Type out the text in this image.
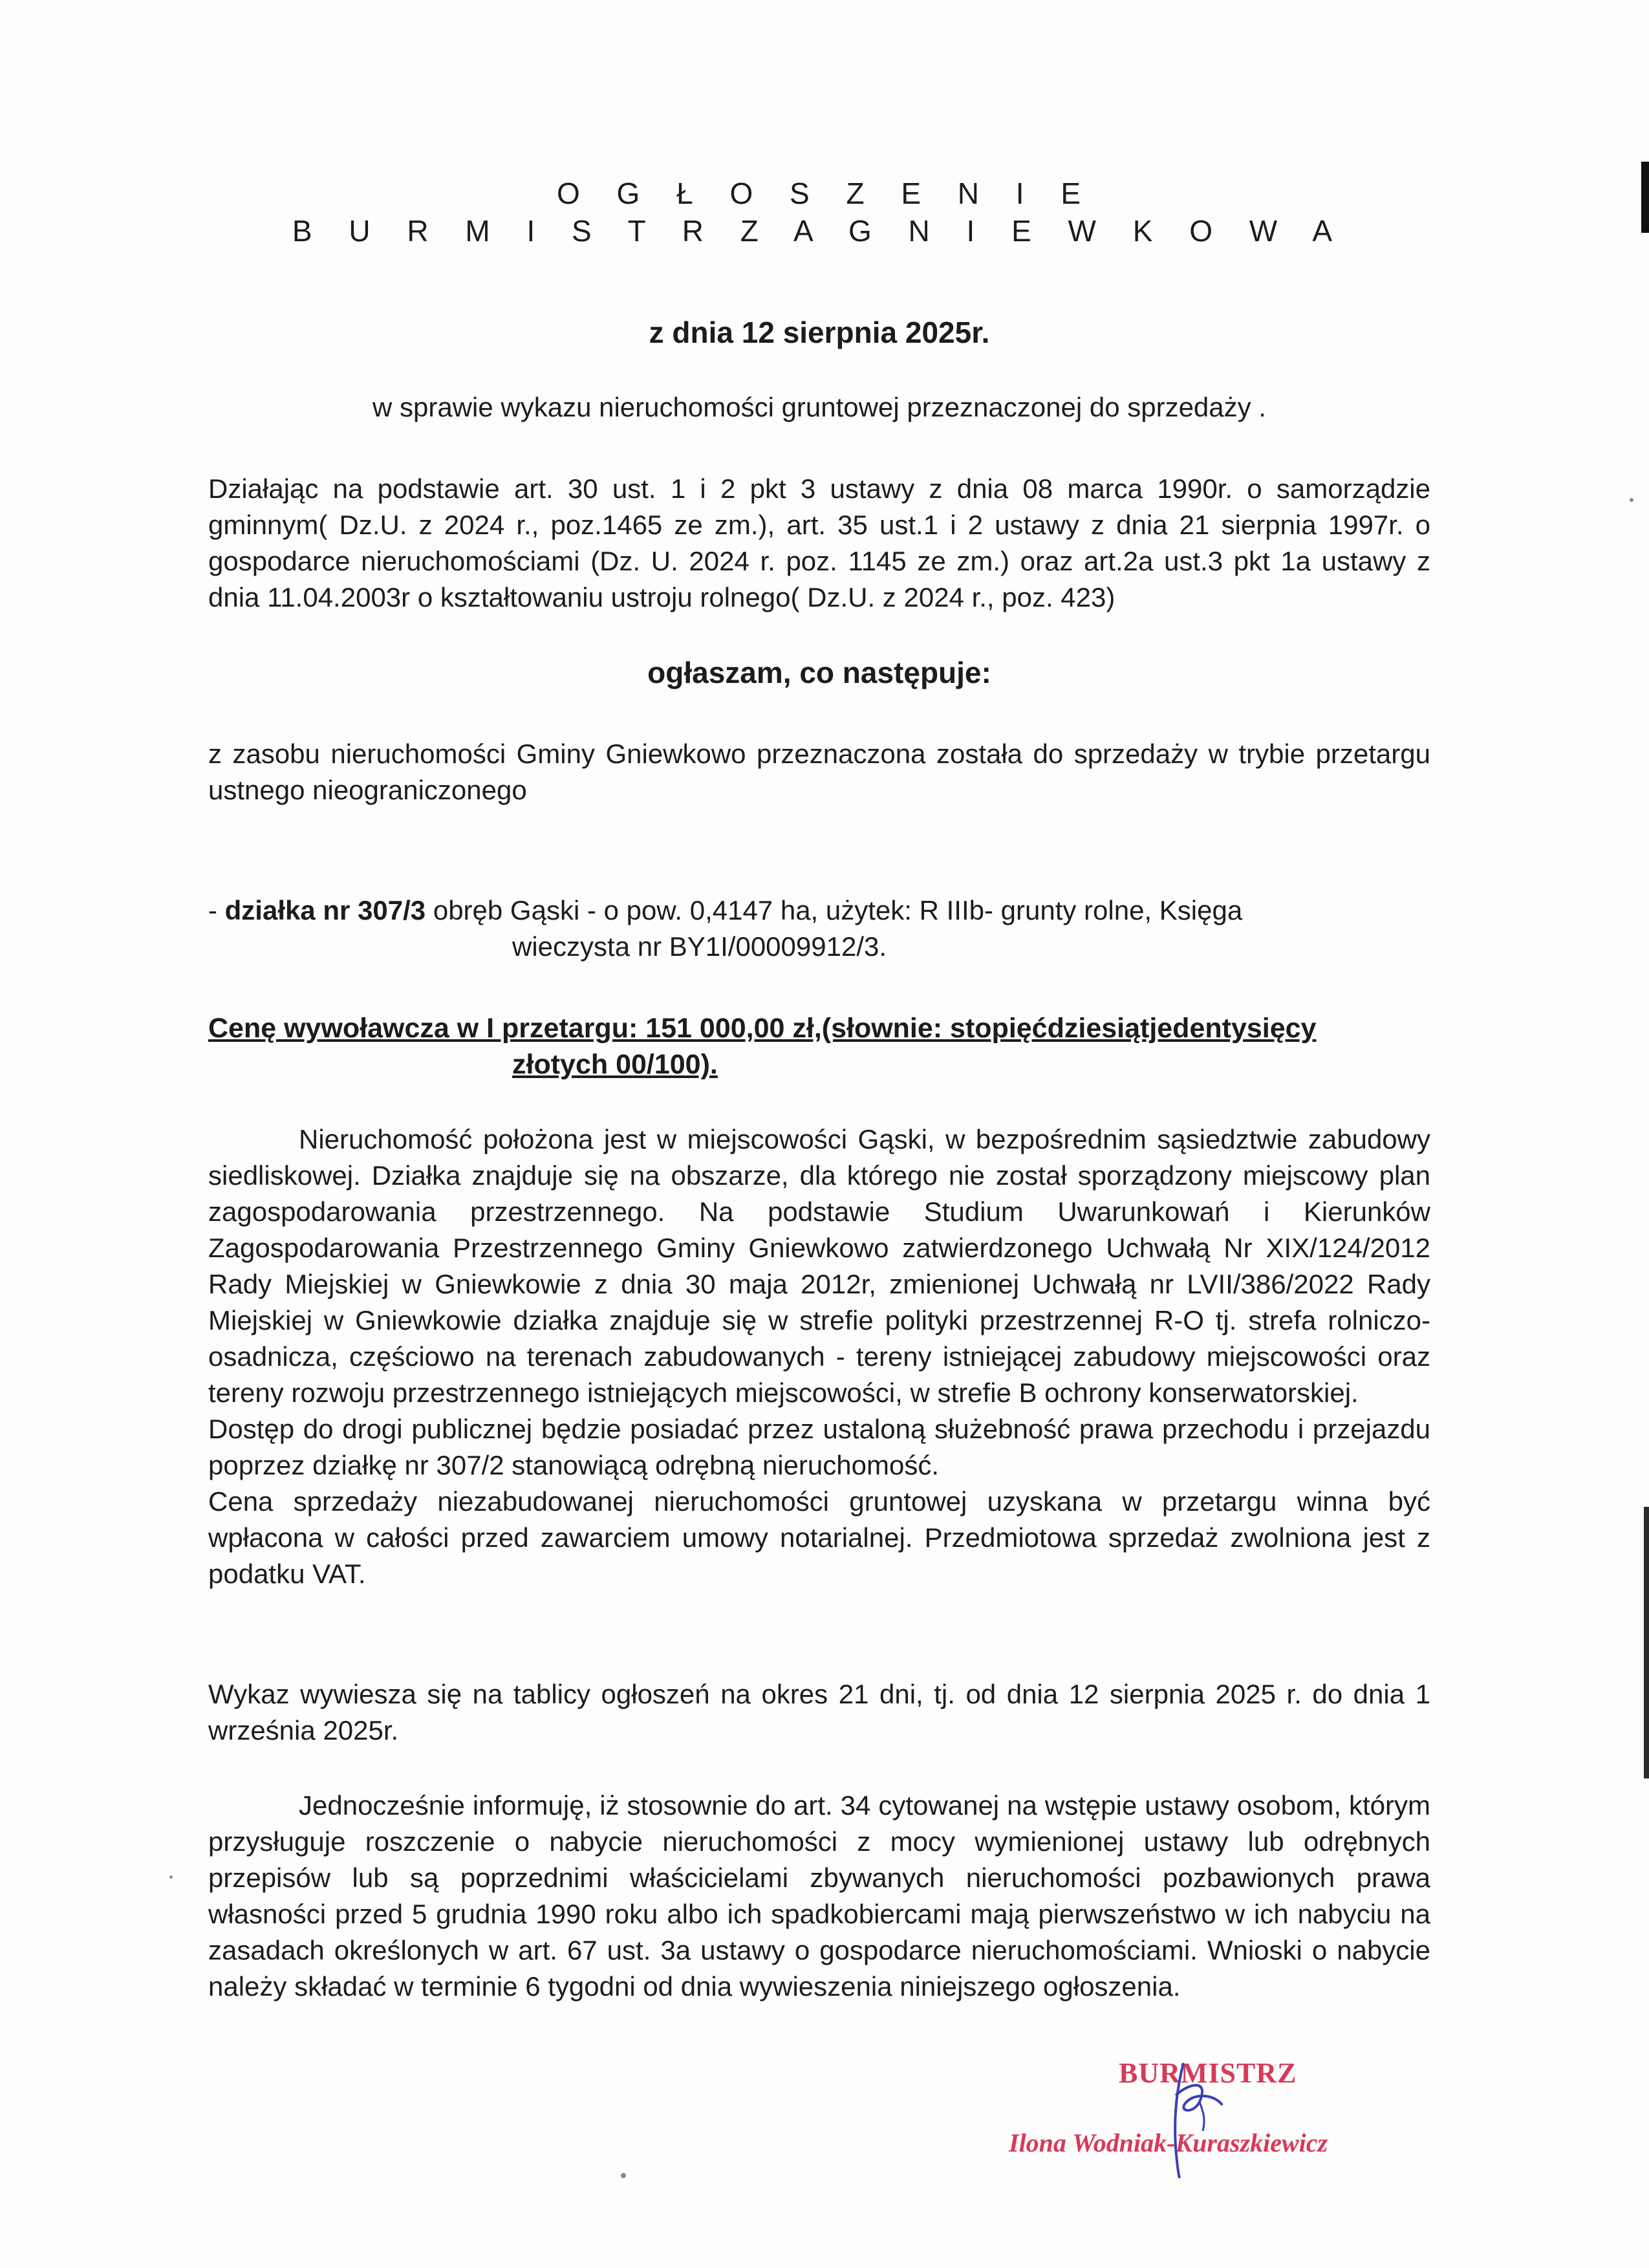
O G Ł O S Z E N I E

B U R M I S T R Z A G N I E W K O W A

z dnia 12 sierpnia 2025r.

w sprawie wykazu nieruchomości gruntowej przeznaczonej do sprzedaży .

Działając na podstawie art. 30 ust. 1 i 2 pkt 3 ustawy z dnia 08 marca 1990r. o samorządzie gminnym( Dz.U. z 2024 r., poz.1465 ze zm.), art. 35 ust.1 i 2 ustawy z dnia 21 sierpnia 1997r. o gospodarce nieruchomościami (Dz. U. 2024 r. poz. 1145 ze zm.) oraz art.2a ust.3 pkt 1a ustawy z dnia 11.04.2003r o kształtowaniu ustroju rolnego( Dz.U. z 2024 r., poz. 423)

ogłaszam, co następuje:

z zasobu nieruchomości Gminy Gniewkowo przeznaczona została do sprzedaży w trybie przetargu ustnego nieograniczonego

- działka nr 307/3 obręb Gąski - o pow. 0,4147 ha, użytek: R IIIb- grunty rolne, Księga
wieczysta nr BY1I/00009912/3.

Cenę wywoławcza w I przetargu: 151 000,00 zł,(słownie: stopięćdziesiątjedentysięcy
złotych 00/100).

Nieruchomość położona jest w miejscowości Gąski, w bezpośrednim sąsiedztwie zabudowy siedliskowej. Działka znajduje się na obszarze, dla którego nie został sporządzony miejscowy plan zagospodarowania przestrzennego. Na podstawie Studium Uwarunkowań i Kierunków Zagospodarowania Przestrzennego Gminy Gniewkowo zatwierdzonego Uchwałą Nr XIX/124/2012 Rady Miejskiej w Gniewkowie z dnia 30 maja 2012r, zmienionej Uchwałą nr LVII/386/2022 Rady Miejskiej w Gniewkowie działka znajduje się w strefie polityki przestrzennej R-O tj. strefa rolniczo-osadnicza, częściowo na terenach zabudowanych - tereny istniejącej zabudowy miejscowości oraz tereny rozwoju przestrzennego istniejących miejscowości, w strefie B ochrony konserwatorskiej.

Dostęp do drogi publicznej będzie posiadać przez ustaloną służebność prawa przechodu i przejazdu poprzez działkę nr 307/2 stanowiącą odrębną nieruchomość.

Cena sprzedaży niezabudowanej nieruchomości gruntowej uzyskana w przetargu winna być wpłacona w całości przed zawarciem umowy notarialnej. Przedmiotowa sprzedaż zwolniona jest z podatku VAT.

Wykaz wywiesza się na tablicy ogłoszeń na okres 21 dni, tj. od dnia 12 sierpnia 2025 r. do dnia 1 września 2025r.

Jednocześnie informuję, iż stosownie do art. 34 cytowanej na wstępie ustawy osobom, którym przysługuje roszczenie o nabycie nieruchomości z mocy wymienionej ustawy lub odrębnych przepisów lub są poprzednimi właścicielami zbywanych nieruchomości pozbawionych prawa własności przed 5 grudnia 1990 roku albo ich spadkobiercami mają pierwszeństwo w ich nabyciu na zasadach określonych w art. 67 ust. 3a ustawy o gospodarce nieruchomościami. Wnioski o nabycie należy składać w terminie 6 tygodni od dnia wywieszenia niniejszego ogłoszenia.

BURMISTRZ
Ilona Wodniak-Kuraszkiewicz
